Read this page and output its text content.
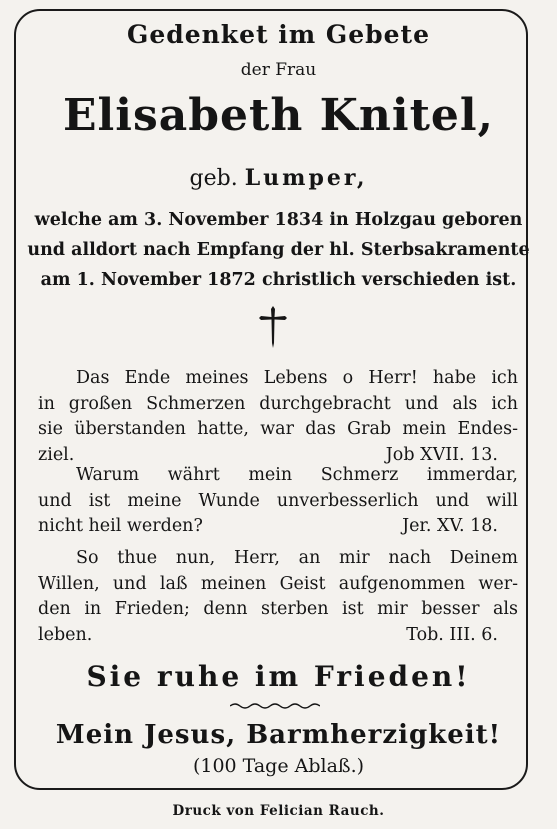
Gedenket im Gebete
der Frau
Elisabeth Knitel,
geb. Lumper,
welche am 3. November 1834 in Holzgau geboren
und alldort nach Empfang der hl. Sterbsakramente
am 1. November 1872 christlich verschieden ist.
Das Ende meines Lebens o Herr! habe ich
in großen Schmerzen durchgebracht und als ich
sie überstanden hatte, war das Grab mein Endes-
ziel.	Job XVII. 13.
Warum währt mein Schmerz immerdar,
und ist meine Wunde unverbesserlich und will
nicht heil werden?	Jer. XV. 18.
So thue nun, Herr, an mir nach Deinem
Willen, und laß meinen Geist aufgenommen wer-
den in Frieden; denn sterben ist mir besser als
leben.	Tob. III. 6.
Sie ruhe im Frieden!
Mein Jesus, Barmherzigkeit!
(100 Tage Ablaß.)
Druck von Felician Rauch.
